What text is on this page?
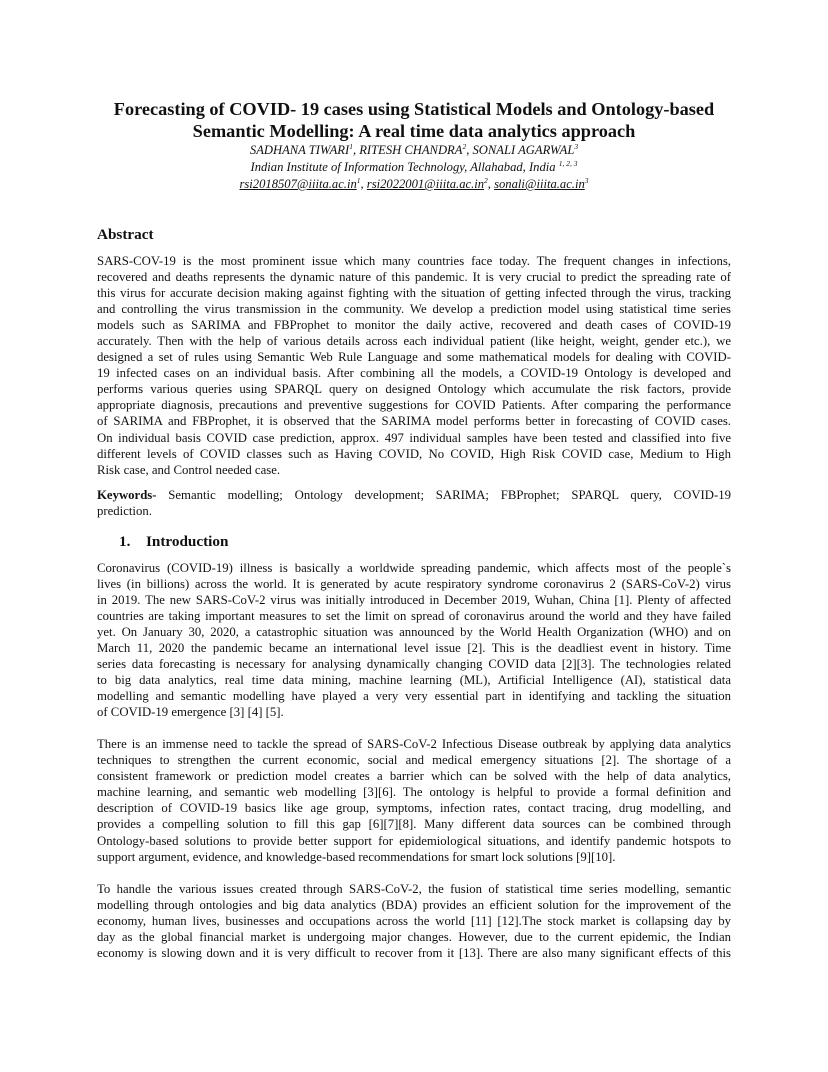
Forecasting of COVID- 19 cases using Statistical Models and Ontology-based
Semantic Modelling: A real time data analytics approach
SADHANA TIWARI$^1$, RITESH CHANDRA$^2$, SONALI AGARWAL$^3$
Indian Institute of Information Technology, Allahabad, India $^{1, 2, 3}$
$rsi2018507@iiita.ac.in^1$, $rsi2022001@iiita.ac.in^2$, $sonali@iiita.ac.in^3$
Abstract
SARS-COV-19 is the most prominent issue which many countries face today. The frequent changes in infections,
recovered and deaths represents the dynamic nature of this pandemic. It is very crucial to predict the spreading rate of
this virus for accurate decision making against fighting with the situation of getting infected through the virus, tracking
and controlling the virus transmission in the community. We develop a prediction model using statistical time series
models such as SARIMA and FBProphet to monitor the daily active, recovered and death cases of COVID-19
accurately. Then with the help of various details across each individual patient (like height, weight, gender etc.), we
designed a set of rules using Semantic Web Rule Language and some mathematical models for dealing with COVID-
19 infected cases on an individual basis. After combining all the models, a COVID-19 Ontology is developed and
performs various queries using SPARQL query on designed Ontology which accumulate the risk factors, provide
appropriate diagnosis, precautions and preventive suggestions for COVID Patients. After comparing the performance
of SARIMA and FBProphet, it is observed that the SARIMA model performs better in forecasting of COVID cases.
On individual basis COVID case prediction, approx. 497 individual samples have been tested and classified into five
different levels of COVID classes such as Having COVID, No COVID, High Risk COVID case, Medium to High
Risk case, and Control needed case.
Keywords- Semantic modelling; Ontology development; SARIMA; FBProphet; SPARQL query, COVID-19
prediction.
1. Introduction
Coronavirus (COVID-19) illness is basically a worldwide spreading pandemic, which affects most of the people`s
lives (in billions) across the world. It is generated by acute respiratory syndrome coronavirus 2 (SARS-CoV-2) virus
in 2019. The new SARS-CoV-2 virus was initially introduced in December 2019, Wuhan, China [1]. Plenty of affected
countries are taking important measures to set the limit on spread of coronavirus around the world and they have failed
yet. On January 30, 2020, a catastrophic situation was announced by the World Health Organization (WHO) and on
March 11, 2020 the pandemic became an international level issue [2]. This is the deadliest event in history. Time
series data forecasting is necessary for analysing dynamically changing COVID data [2][3]. The technologies related
to big data analytics, real time data mining, machine learning (ML), Artificial Intelligence (AI), statistical data
modelling and semantic modelling have played a very very essential part in identifying and tackling the situation
of COVID-19 emergence [3] [4] [5].
There is an immense need to tackle the spread of SARS-CoV-2 Infectious Disease outbreak by applying data analytics
techniques to strengthen the current economic, social and medical emergency situations [2]. The shortage of a
consistent framework or prediction model creates a barrier which can be solved with the help of data analytics,
machine learning, and semantic web modelling [3][6]. The ontology is helpful to provide a formal definition and
description of COVID-19 basics like age group, symptoms, infection rates, contact tracing, drug modelling, and
provides a compelling solution to fill this gap [6][7][8]. Many different data sources can be combined through
Ontology-based solutions to provide better support for epidemiological situations, and identify pandemic hotspots to
support argument, evidence, and knowledge-based recommendations for smart lock solutions [9][10].
To handle the various issues created through SARS-CoV-2, the fusion of statistical time series modelling, semantic
modelling through ontologies and big data analytics (BDA) provides an efficient solution for the improvement of the
economy, human lives, businesses and occupations across the world [11] [12].The stock market is collapsing day by
day as the global financial market is undergoing major changes. However, due to the current epidemic, the Indian
economy is slowing down and it is very difficult to recover from it [13]. There are also many significant effects of this
